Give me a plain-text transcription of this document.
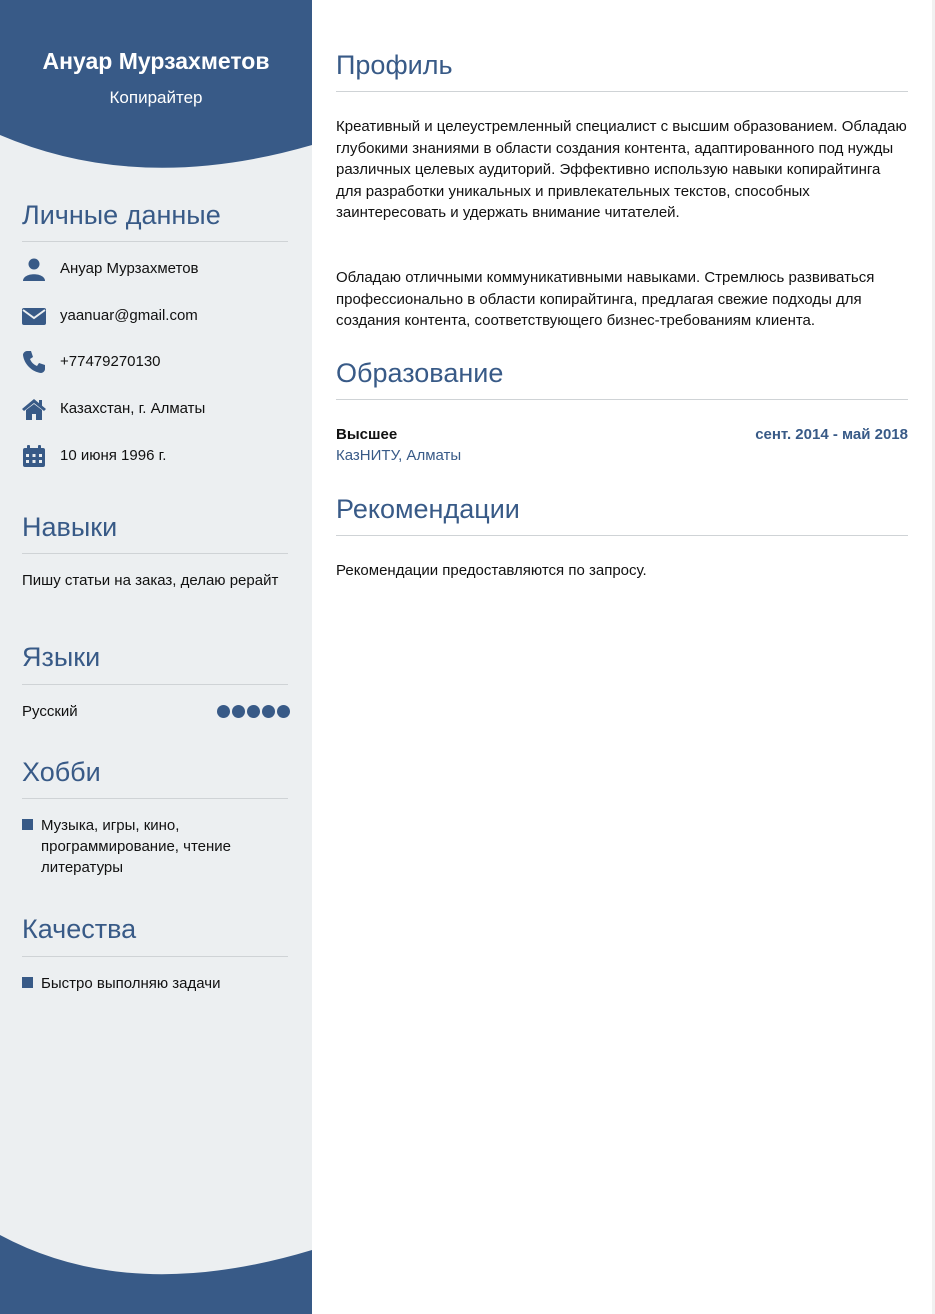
Ануар Мурзахметов
Копирайтер
Личные данные
Ануар Мурзахметов
yaanuar@gmail.com
+77479270130
Казахстан, г. Алматы
10 июня 1996 г.
Навыки
Пишу статьи на заказ, делаю рерайт
Языки
Русский
Хобби
Музыка, игры, кино, программирование, чтение литературы
Качества
Быстро выполняю задачи
Профиль

Креативный и целеустремленный специалист с высшим образованием. Обладаю глубокими знаниями в области создания контента, адаптированного под нужды различных целевых аудиторий. Эффективно использую навыки копирайтинга для разработки уникальных и привлекательных текстов, способных заинтересовать и удержать внимание читателей.

Обладаю отличными коммуникативными навыками. Стремлюсь развиваться профессионально в области копирайтинга, предлагая свежие подходы для создания контента, соответствующего бизнес-требованиям клиента.

Образование
Высшее	сент. 2014 - май 2018
КазНИТУ, Алматы
Рекомендации

Рекомендации предоставляются по запросу.
